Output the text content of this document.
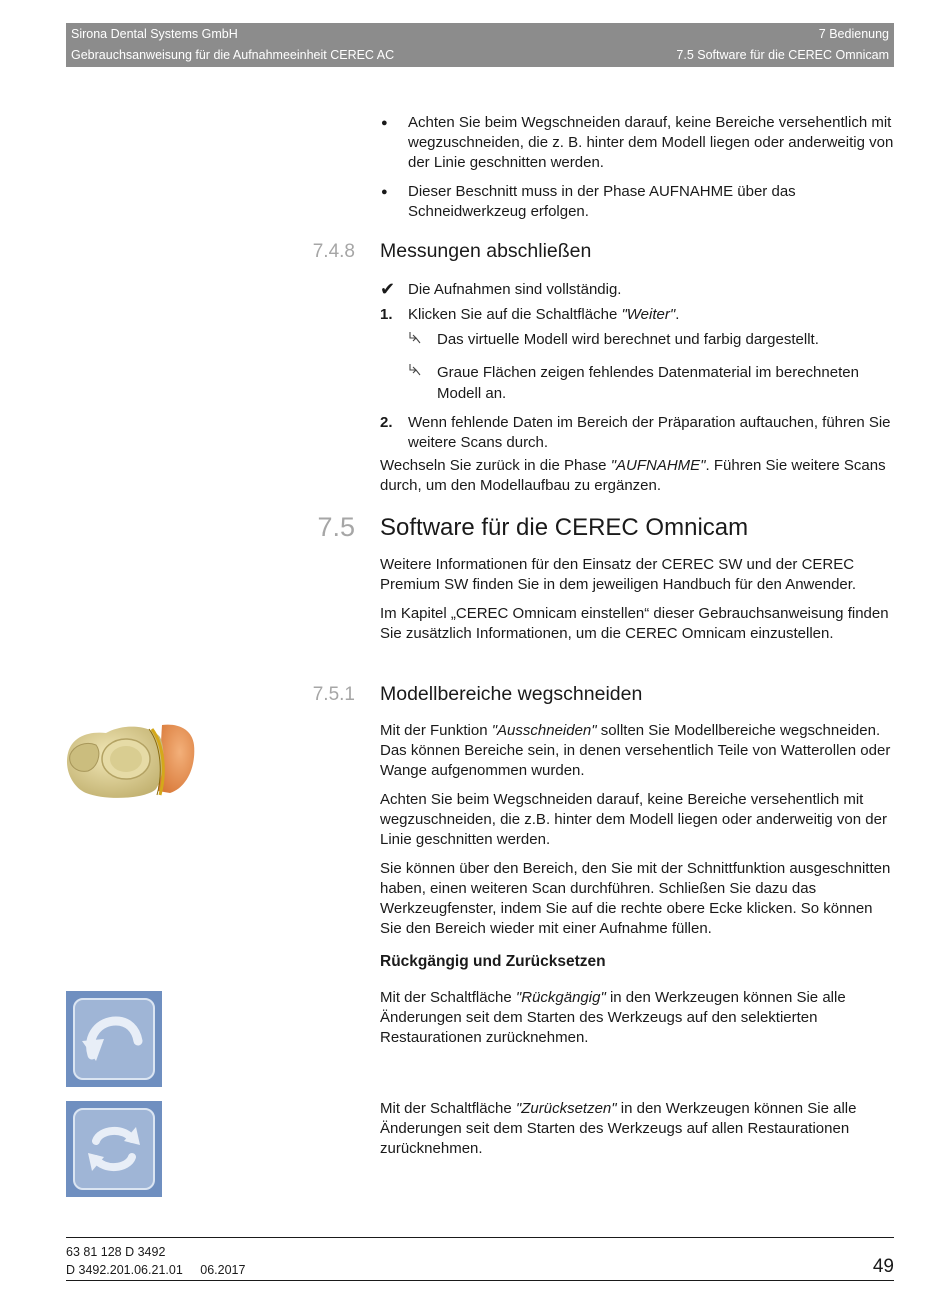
Sirona Dental Systems GmbH	7 Bedienung
Gebrauchsanweisung für die Aufnahmeeinheit CEREC AC	7.5 Software für die CEREC Omnicam

● Achten Sie beim Wegschneiden darauf, keine Bereiche versehentlich mit wegzuschneiden, die z. B. hinter dem Modell liegen oder anderweitig von der Linie geschnitten werden.

● Dieser Beschnitt muss in der Phase AUFNAHME über das Schneidwerkzeug erfolgen.

7.4.8 Messungen abschließen
✔ Die Aufnahmen sind vollständig.
1. Klicken Sie auf die Schaltfläche "Weiter".
Das virtuelle Modell wird berechnet und farbig dargestellt.
Graue Flächen zeigen fehlendes Datenmaterial im berechneten Modell an.
2. Wenn fehlende Daten im Bereich der Präparation auftauchen, führen Sie weitere Scans durch.

Wechseln Sie zurück in die Phase "AUFNAHME". Führen Sie weitere Scans durch, um den Modellaufbau zu ergänzen.

7.5 Software für die CEREC Omnicam

Weitere Informationen für den Einsatz der CEREC SW und der CEREC Premium SW finden Sie in dem jeweiligen Handbuch für den Anwender.

Im Kapitel „CEREC Omnicam einstellen“ dieser Gebrauchsanweisung finden Sie zusätzlich Informationen, um die CEREC Omnicam einzustellen.

7.5.1 Modellbereiche wegschneiden

Mit der Funktion "Ausschneiden" sollten Sie Modellbereiche wegschneiden. Das können Bereiche sein, in denen versehentlich Teile von Watterollen oder Wange aufgenommen wurden.

Achten Sie beim Wegschneiden darauf, keine Bereiche versehentlich mit wegzuschneiden, die z.B. hinter dem Modell liegen oder anderweitig von der Linie geschnitten werden.

Sie können über den Bereich, den Sie mit der Schnittfunktion ausgeschnitten haben, einen weiteren Scan durchführen. Schließen Sie dazu das Werkzeugfenster, indem Sie auf die rechte obere Ecke klicken. So können Sie den Bereich wieder mit einer Aufnahme füllen.

Rückgängig und Zurücksetzen

Mit der Schaltfläche "Rückgängig" in den Werkzeugen können Sie alle Änderungen seit dem Starten des Werkzeugs auf den selektierten Restaurationen zurücknehmen.

Mit der Schaltfläche "Zurücksetzen" in den Werkzeugen können Sie alle Änderungen seit dem Starten des Werkzeugs auf allen Restaurationen zurücknehmen.

63 81 128 D 3492
D 3492.201.06.21.01 06.2017	49
